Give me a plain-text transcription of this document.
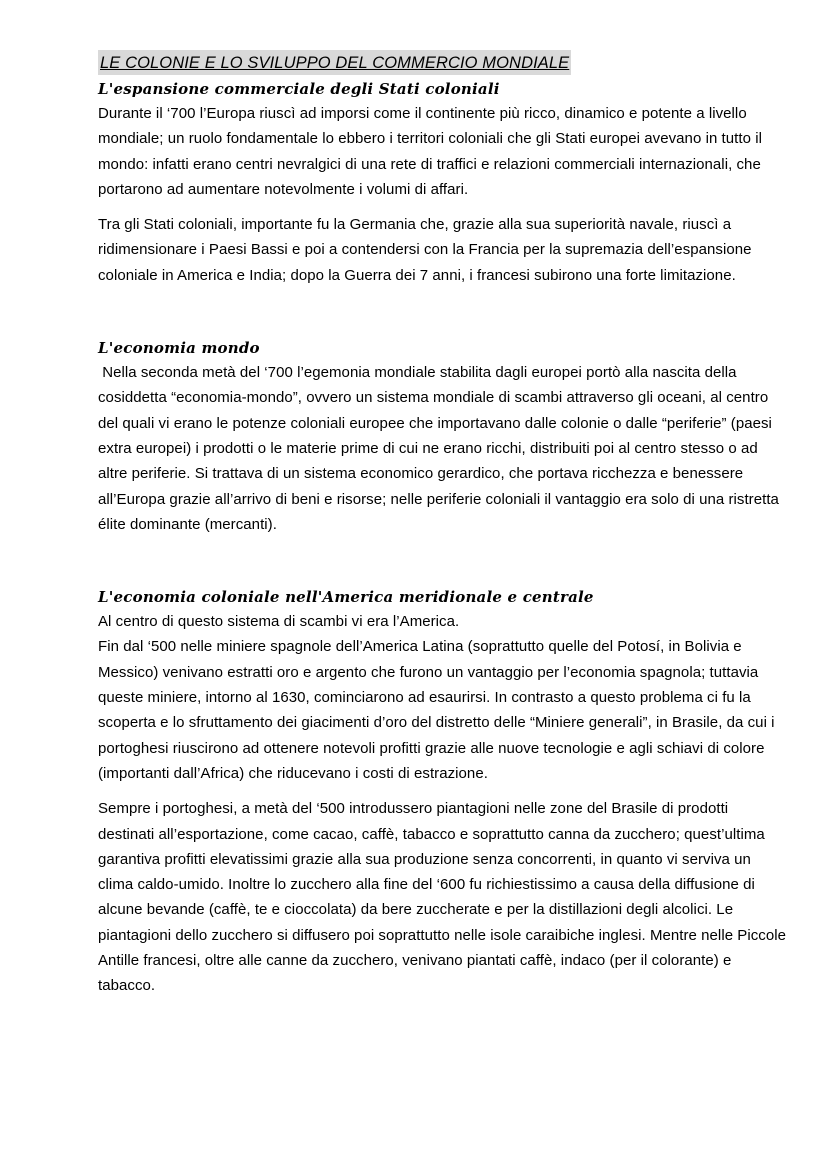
LE COLONIE E LO SVILUPPO DEL COMMERCIO MONDIALE
L'espansione commerciale degli Stati coloniali

Durante il ‘700 l’Europa riuscì ad imporsi come il continente più ricco, dinamico e potente a livello mondiale; un ruolo fondamentale lo ebbero i territori coloniali che gli Stati europei avevano in tutto il mondo: infatti erano centri nevralgici di una rete di traffici e relazioni commerciali internazionali, che portarono ad aumentare notevolmente i volumi di affari.

Tra gli Stati coloniali, importante fu la Germania che, grazie alla sua superiorità navale, riuscì a ridimensionare i Paesi Bassi e poi a contendersi con la Francia per la supremazia dell’espansione coloniale in America e India; dopo la Guerra dei 7 anni, i francesi subirono una forte limitazione.

L'economia mondo

Nella seconda metà del ‘700 l’egemonia mondiale stabilita dagli europei portò alla nascita della cosiddetta “economia-mondo”, ovvero un sistema mondiale di scambi attraverso gli oceani, al centro del quali vi erano le potenze coloniali europee che importavano dalle colonie o dalle “periferie” (paesi extra europei) i prodotti o le materie prime di cui ne erano ricchi, distribuiti poi al centro stesso o ad altre periferie. Si trattava di un sistema economico gerardico, che portava ricchezza e benessere all’Europa grazie all’arrivo di beni e risorse; nelle periferie coloniali il vantaggio era solo di una ristretta élite dominante (mercanti).

L'economia coloniale nell'America meridionale e centrale

Al centro di questo sistema di scambi vi era l’America.

Fin dal ‘500 nelle miniere spagnole dell’America Latina (soprattutto quelle del Potosí, in Bolivia e Messico) venivano estratti oro e argento che furono un vantaggio per l’economia spagnola; tuttavia queste miniere, intorno al 1630, cominciarono ad esaurirsi. In contrasto a questo problema ci fu la scoperta e lo sfruttamento dei giacimenti d’oro del distretto delle “Miniere generali”, in Brasile, da cui i portoghesi riuscirono ad ottenere notevoli profitti grazie alle nuove tecnologie e agli schiavi di colore (importanti dall’Africa) che riducevano i costi di estrazione.

Sempre i portoghesi, a metà del ‘500 introdussero piantagioni nelle zone del Brasile di prodotti destinati all’esportazione, come cacao, caffè, tabacco e soprattutto canna da zucchero; quest’ultima garantiva profitti elevatissimi grazie alla sua produzione senza concorrenti, in quanto vi serviva un clima caldo-umido. Inoltre lo zucchero alla fine del ‘600 fu richiestissimo a causa della diffusione di alcune bevande (caffè, te e cioccolata) da bere zuccherate e per la distillazioni degli alcolici. Le piantagioni dello zucchero si diffusero poi soprattutto nelle isole caraibiche inglesi. Mentre nelle Piccole Antille francesi, oltre alle canne da zucchero, venivano piantati caffè, indaco (per il colorante) e tabacco.
